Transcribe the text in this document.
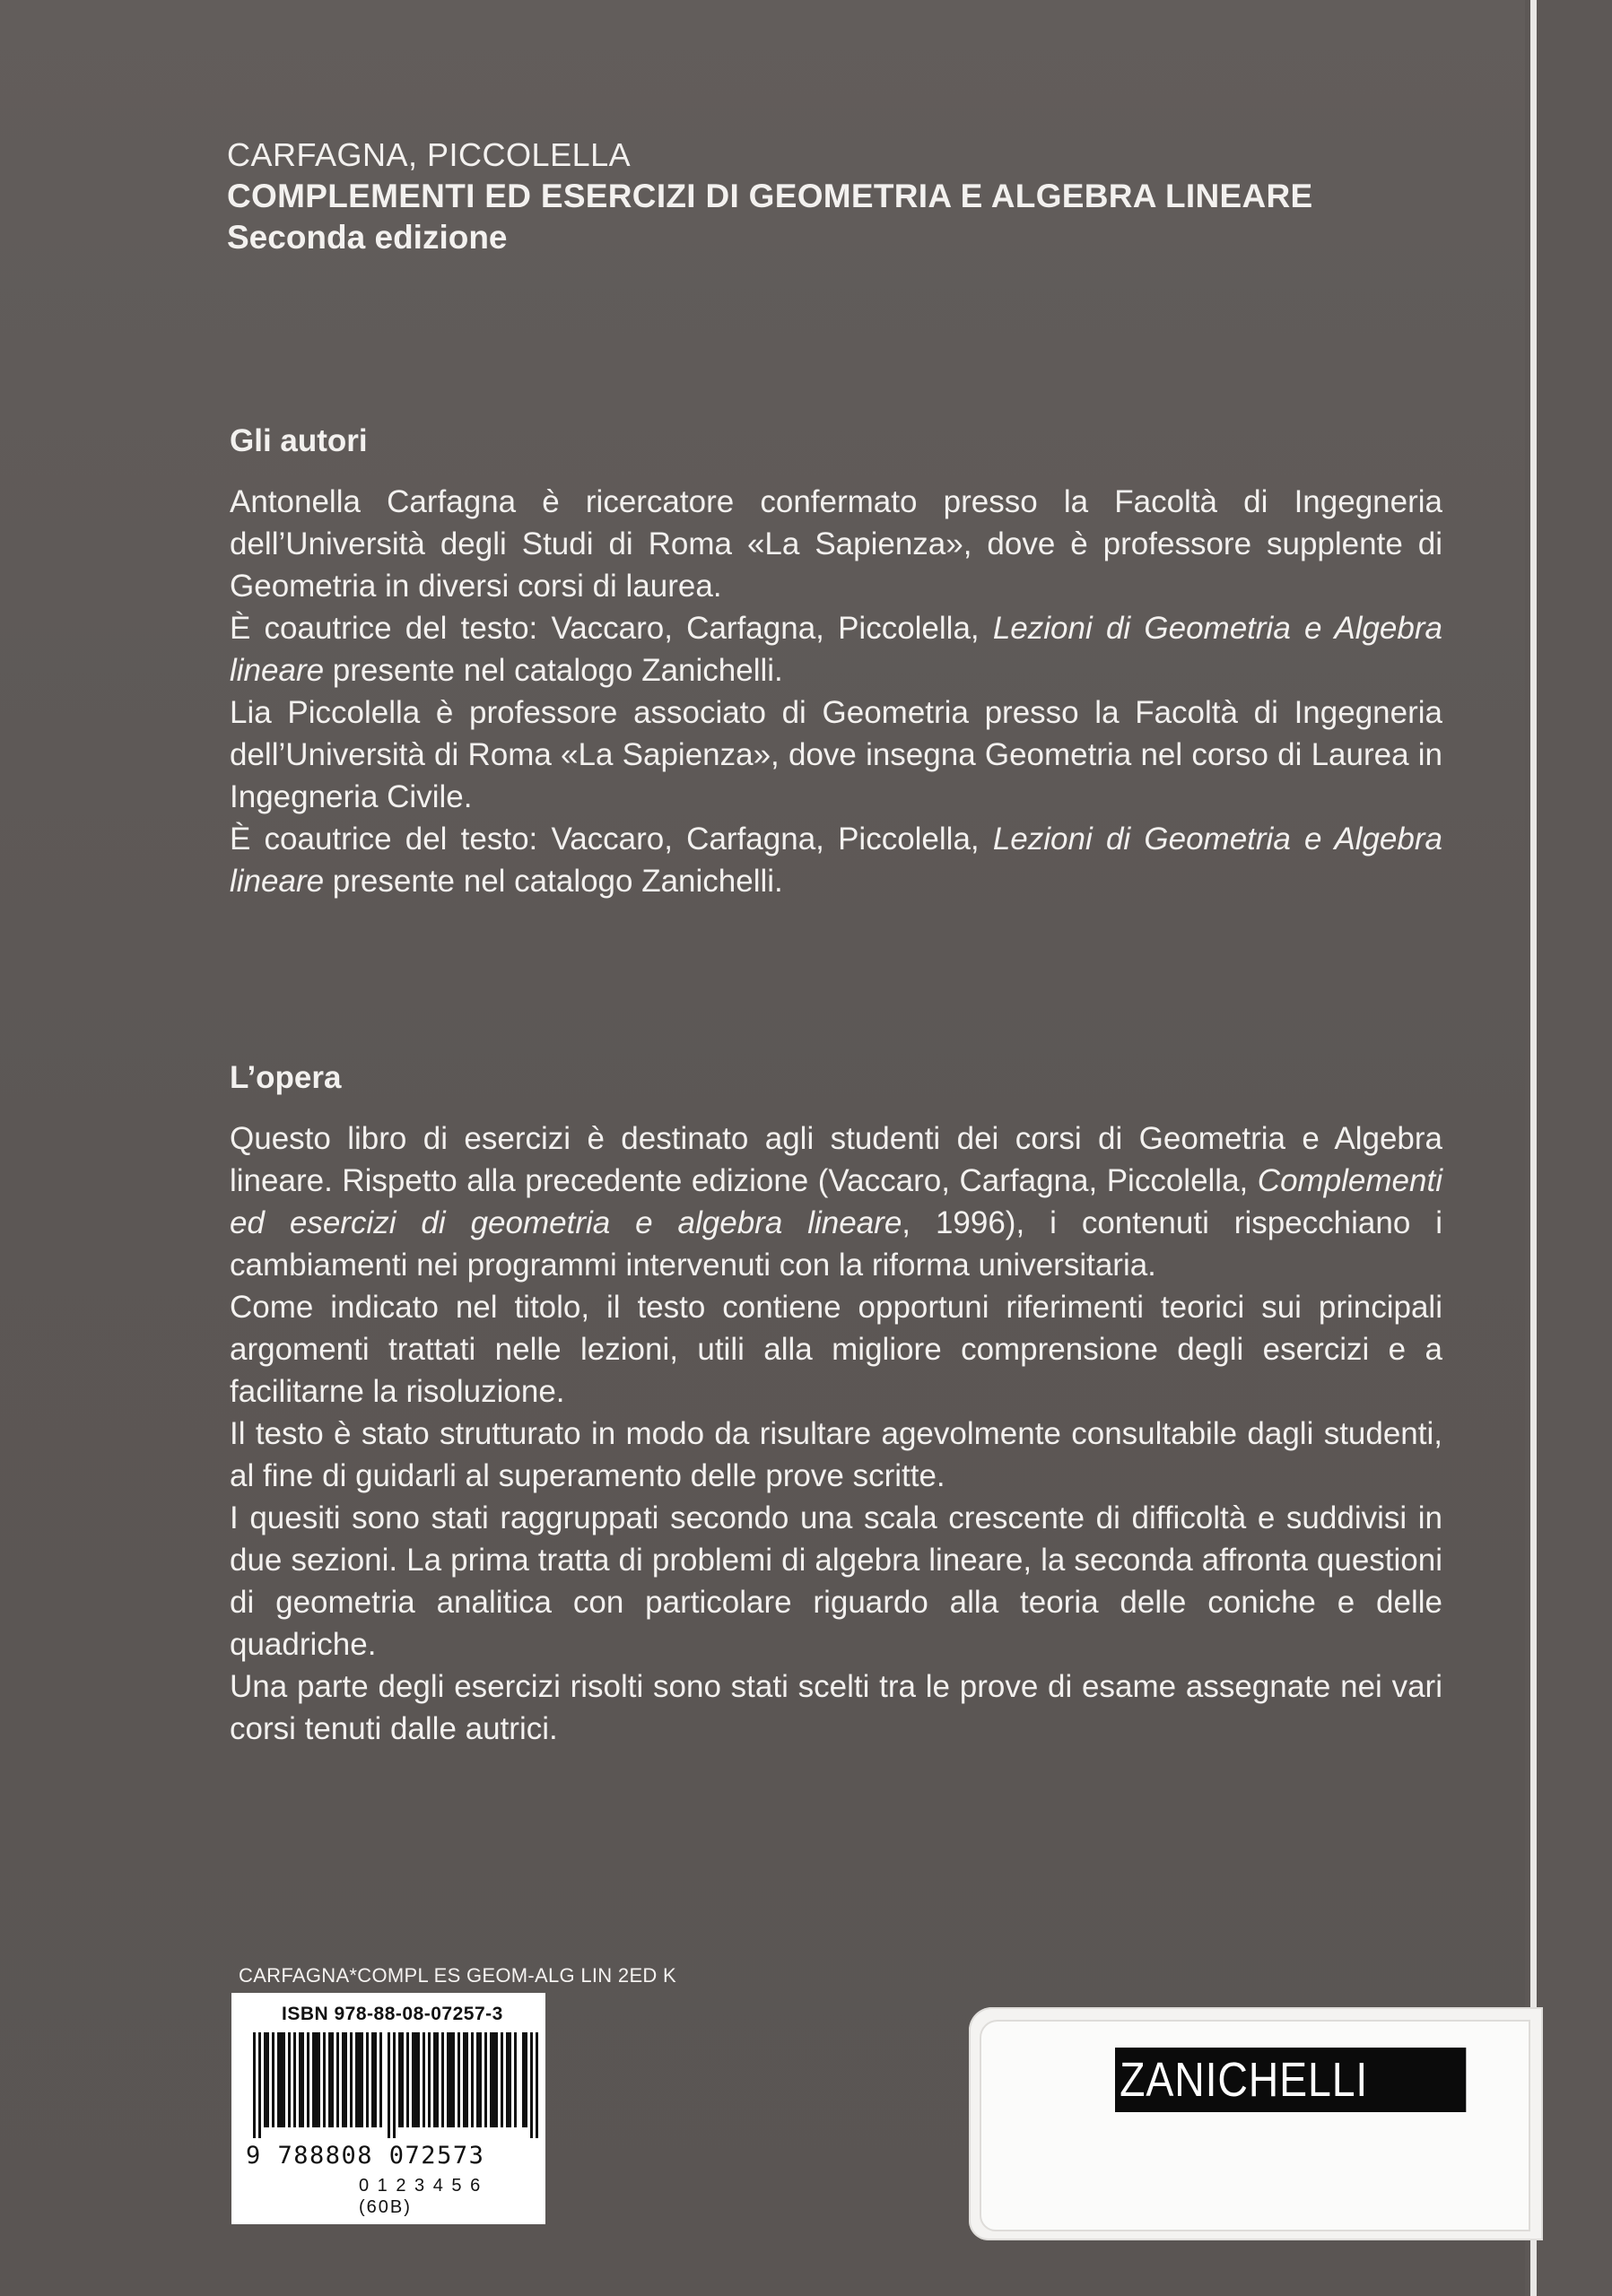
CARFAGNA, PICCOLELLA
COMPLEMENTI ED ESERCIZI DI GEOMETRIA E ALGEBRA LINEARE
Seconda edizione
Gli autori

Antonella Carfagna è ricercatore confermato presso la Facoltà di Ingegneria dell’Università degli Studi di Roma «La Sapienza», dove è professore supplente di Geometria in diversi corsi di laurea.

È coautrice del testo: Vaccaro, Carfagna, Piccolella, Lezioni di Geometria e Algebra lineare presente nel catalogo Zanichelli.

Lia Piccolella è professore associato di Geometria presso la Facoltà di Ingegneria dell’Università di Roma «La Sapienza», dove insegna Geometria nel corso di Laurea in Ingegneria Civile.

È coautrice del testo: Vaccaro, Carfagna, Piccolella, Lezioni di Geometria e Algebra lineare presente nel catalogo Zanichelli.

L’opera

Questo libro di esercizi è destinato agli studenti dei corsi di Geometria e Algebra lineare. Rispetto alla precedente edizione (Vaccaro, Carfagna, Piccolella, Complementi ed esercizi di geometria e algebra lineare, 1996), i contenuti rispecchiano i cambiamenti nei programmi intervenuti con la riforma universitaria.

Come indicato nel titolo, il testo contiene opportuni riferimenti teorici sui principali argomenti trattati nelle lezioni, utili alla migliore comprensione degli esercizi e a facilitarne la risoluzione.

Il testo è stato strutturato in modo da risultare agevolmente consultabile dagli studenti, al fine di guidarli al superamento delle prove scritte.

I quesiti sono stati raggruppati secondo una scala crescente di difficoltà e suddivisi in due sezioni. La prima tratta di problemi di algebra lineare, la seconda affronta questioni di geometria analitica con particolare riguardo alla teoria delle coniche e delle quadriche.

Una parte degli esercizi risolti sono stati scelti tra le prove di esame assegnate nei vari corsi tenuti dalle autrici.

CARFAGNA*COMPL ES GEOM-ALG LIN 2ED K
ISBN 978-88-08-07257-3
9 788808 072573
0 1 2 3 4 5 6 (60B)
ZANICHELLI
